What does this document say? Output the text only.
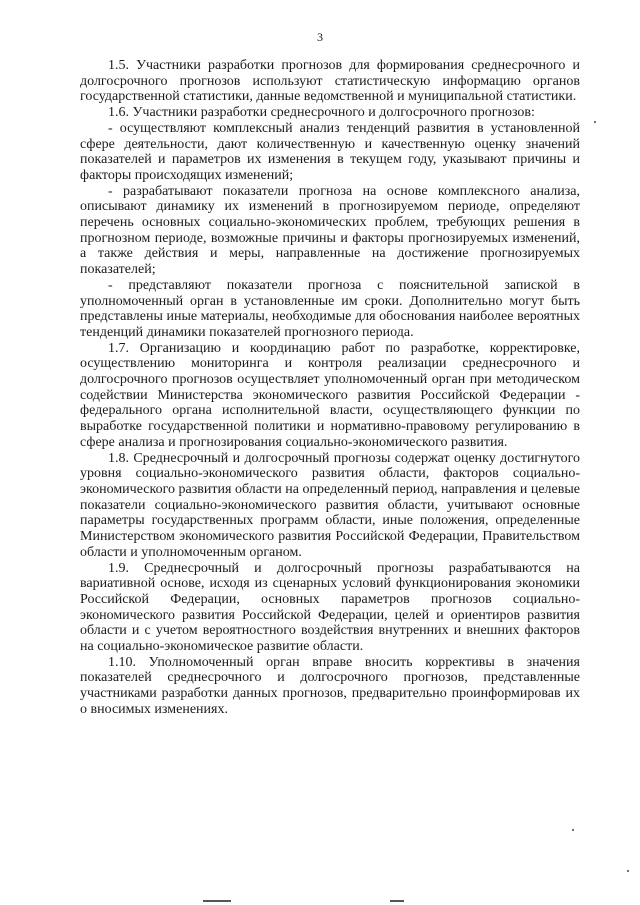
3

1.5. Участники разработки прогнозов для формирования среднесрочного и долгосрочного прогнозов используют статистическую информацию органов государственной статистики, данные ведомственной и муниципальной статистики.

1.6. Участники разработки среднесрочного и долгосрочного прогнозов:

- осуществляют комплексный анализ тенденций развития в установленной сфере деятельности, дают количественную и качественную оценку значений показателей и параметров их изменения в текущем году, указывают причины и факторы происходящих изменений;

- разрабатывают показатели прогноза на основе комплексного анализа, описывают динамику их изменений в прогнозируемом периоде, определяют перечень основных социально-экономических проблем, требующих решения в прогнозном периоде, возможные причины и факторы прогнозируемых изменений, а также действия и меры, направленные на достижение прогнозируемых показателей;

- представляют показатели прогноза с пояснительной запиской в уполномоченный орган в установленные им сроки. Дополнительно могут быть представлены иные материалы, необходимые для обоснования наиболее вероятных тенденций динамики показателей прогнозного периода.

1.7. Организацию и координацию работ по разработке, корректировке, осуществлению мониторинга и контроля реализации среднесрочного и долгосрочного прогнозов осуществляет уполномоченный орган при методическом содействии Министерства экономического развития Российской Федерации - федерального органа исполнительной власти, осуществляющего функции по выработке государственной политики и нормативно-правовому регулированию в сфере анализа и прогнозирования социально-экономического развития.

1.8. Среднесрочный и долгосрочный прогнозы содержат оценку достигнутого уровня социально-экономического развития области, факторов социально-экономического развития области на определенный период, направления и целевые показатели социально-экономического развития области, учитывают основные параметры государственных программ области, иные положения, определенные Министерством экономического развития Российской Федерации, Правительством области и уполномоченным органом.

1.9. Среднесрочный и долгосрочный прогнозы разрабатываются на вариативной основе, исходя из сценарных условий функционирования экономики Российской Федерации, основных параметров прогнозов социально-экономического развития Российской Федерации, целей и ориентиров развития области и с учетом вероятностного воздействия внутренних и внешних факторов на социально-экономическое развитие области.

1.10. Уполномоченный орган вправе вносить коррективы в значения показателей среднесрочного и долгосрочного прогнозов, представленные участниками разработки данных прогнозов, предварительно проинформировав их о вносимых изменениях.
